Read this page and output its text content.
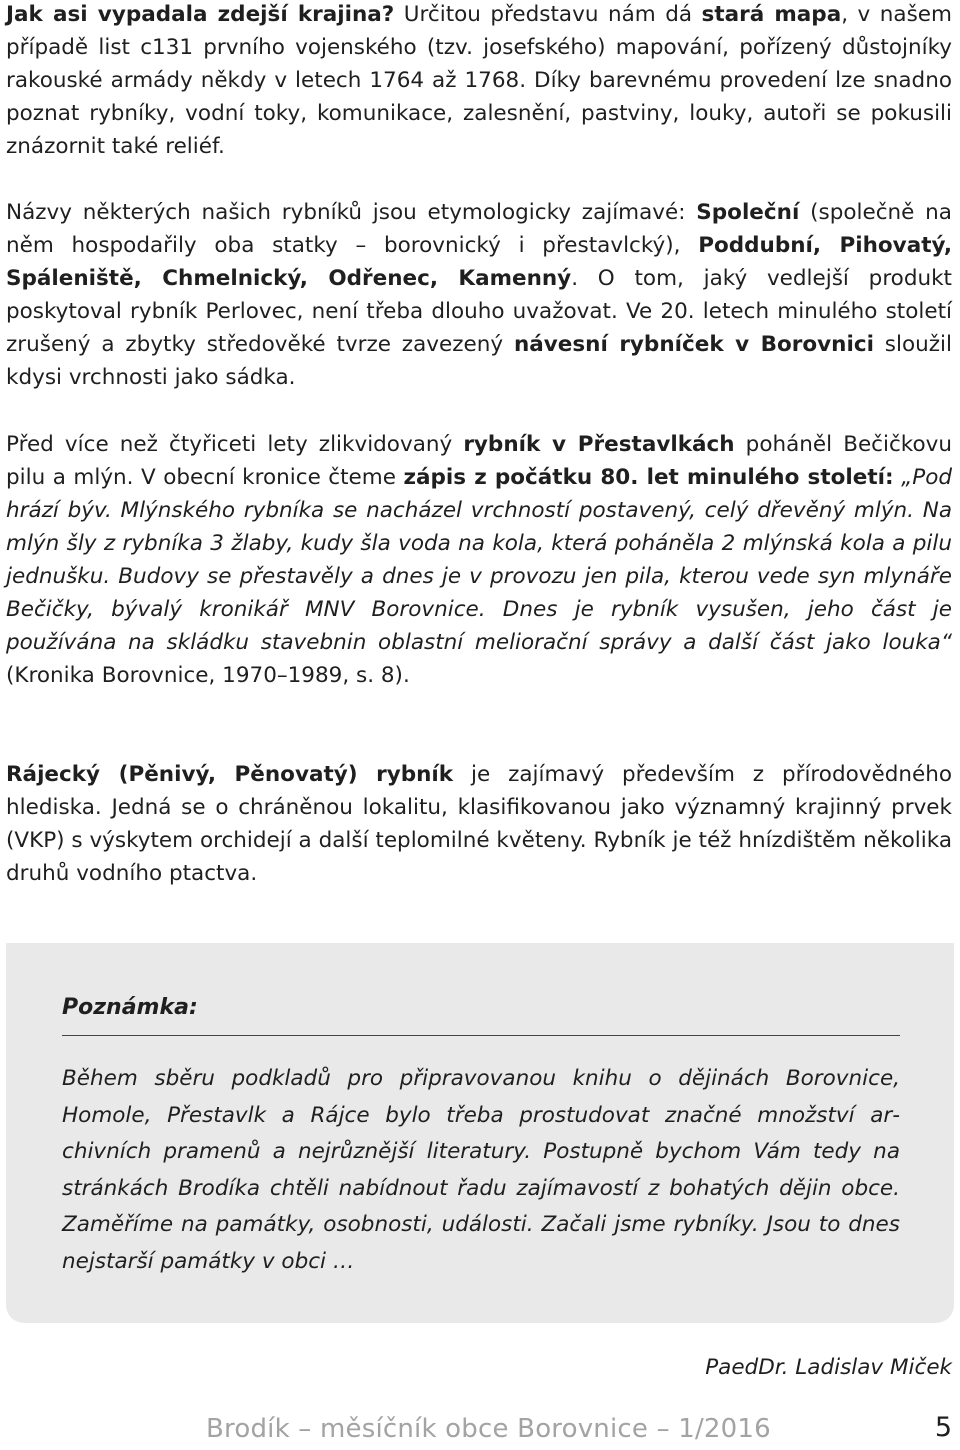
Jak asi vypadala zdejší krajina? Určitou představu nám dá stará mapa, v našem případě list c131 prvního vojenského (tzv. josefského) mapování, pořízený důstojníky rakouské armády někdy v letech 1764 až 1768. Díky barevnému provedení lze snadno poznat rybníky, vodní toky, komunikace, zalesnění, pastviny, louky, autoři se pokusili znázornit také reliéf.

Názvy některých našich rybníků jsou etymologicky zajímavé: Společní (společně na něm hospodařily oba statky – borovnický i přestavlcký), Poddubní, Pihovatý, Spáleniště, Chmelnický, Odřenec, Kamenný. O tom, jaký vedlejší produkt poskytoval rybník Perlovec, není třeba dlouho uvažovat. Ve 20. letech minulého století zrušený a zbytky středověké tvrze zavezený návesní rybníček v Borovnici sloužil kdysi vrchnosti jako sádka.

Před více než čtyřiceti lety zlikvidovaný rybník v Přestavlkách poháněl Bečičkovu pilu a mlýn. V obecní kronice čteme zápis z počátku 80. let minulého století: „Pod hrází býv. Mlýnského rybníka se nacházel vrchností postavený, celý dřevěný mlýn. Na mlýn šly z rybníka 3 žlaby, kudy šla voda na kola, která poháněla 2 mlýnská kola a pilu jednušku. Budovy se přestavěly a dnes je v provozu jen pila, kterou vede syn mlynáře Bečičky, bývalý kronikář MNV Borovnice. Dnes je rybník vysušen, jeho část je používána na skládku stavebnin oblastní meliorační správy a další část jako louka“ (Kronika Borovnice, 1970–1989, s. 8).

Rájecký (Pěnivý, Pěnovatý) rybník je zajímavý především z přírodovědného hlediska. Jedná se o chráněnou lokalitu, klasifikovanou jako významný krajinný prvek (VKP) s výskytem orchidejí a další teplomilné květeny. Rybník je též hnízdištěm několika druhů vodního ptactva.

Poznámka:

Během sběru podkladů pro připravovanou knihu o dějinách Borovnice, Homole, Přestavlk a Rájce bylo třeba prostudovat značné množství archivních pramenů a nejrůznější literatury. Postupně bychom Vám tedy na stránkách Brodíka chtěli nabídnout řadu zajímavostí z bohatých dějin obce. Zaměříme na památky, osobnosti, události. Začali jsme rybníky. Jsou to dnes nejstarší památky v obci …

PaedDr. Ladislav Miček
Brodík – měsíčník obce Borovnice – 1/2016	5
